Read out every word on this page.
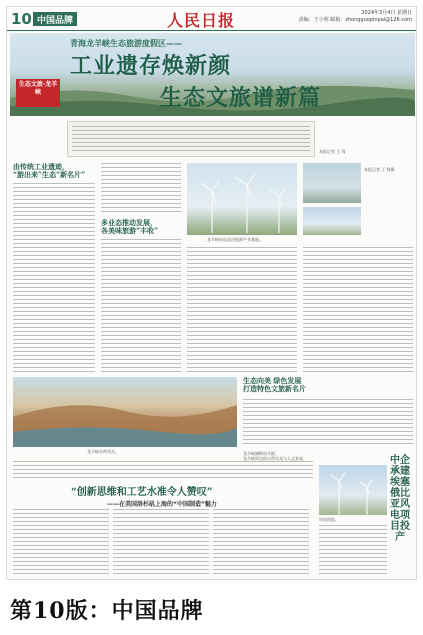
10 中国品牌	人民日报	2024年3月4日 星期日
责编：王小明 邮箱：zhongguopinpai@126.com
青海龙羊峡生态旅游度假区——
工业遗存焕新颜
生态文旅谱新篇
生态文旅·龙羊峡
本报记者 王 锋
由传统工业遗迹，
“游出来”生态“新名片”
多业态推动发展，
各美味旅游“丰收”
龙羊峡风电清洁能源产业基地。
本报记者 王 锋摄
龙羊峡水库风光。
生态向美 绿色发展
打造特色文旅新名片
龙羊峡湖畔的羊群。
龙羊峡周边的自然风光与人文景观。
“创新思维和工艺水准令人赞叹”
——在美国洛杉矶上海的“中国制造”魅力
风电机组。
中企承建埃塞俄比亚风电项目投产
第10版：中国品牌
